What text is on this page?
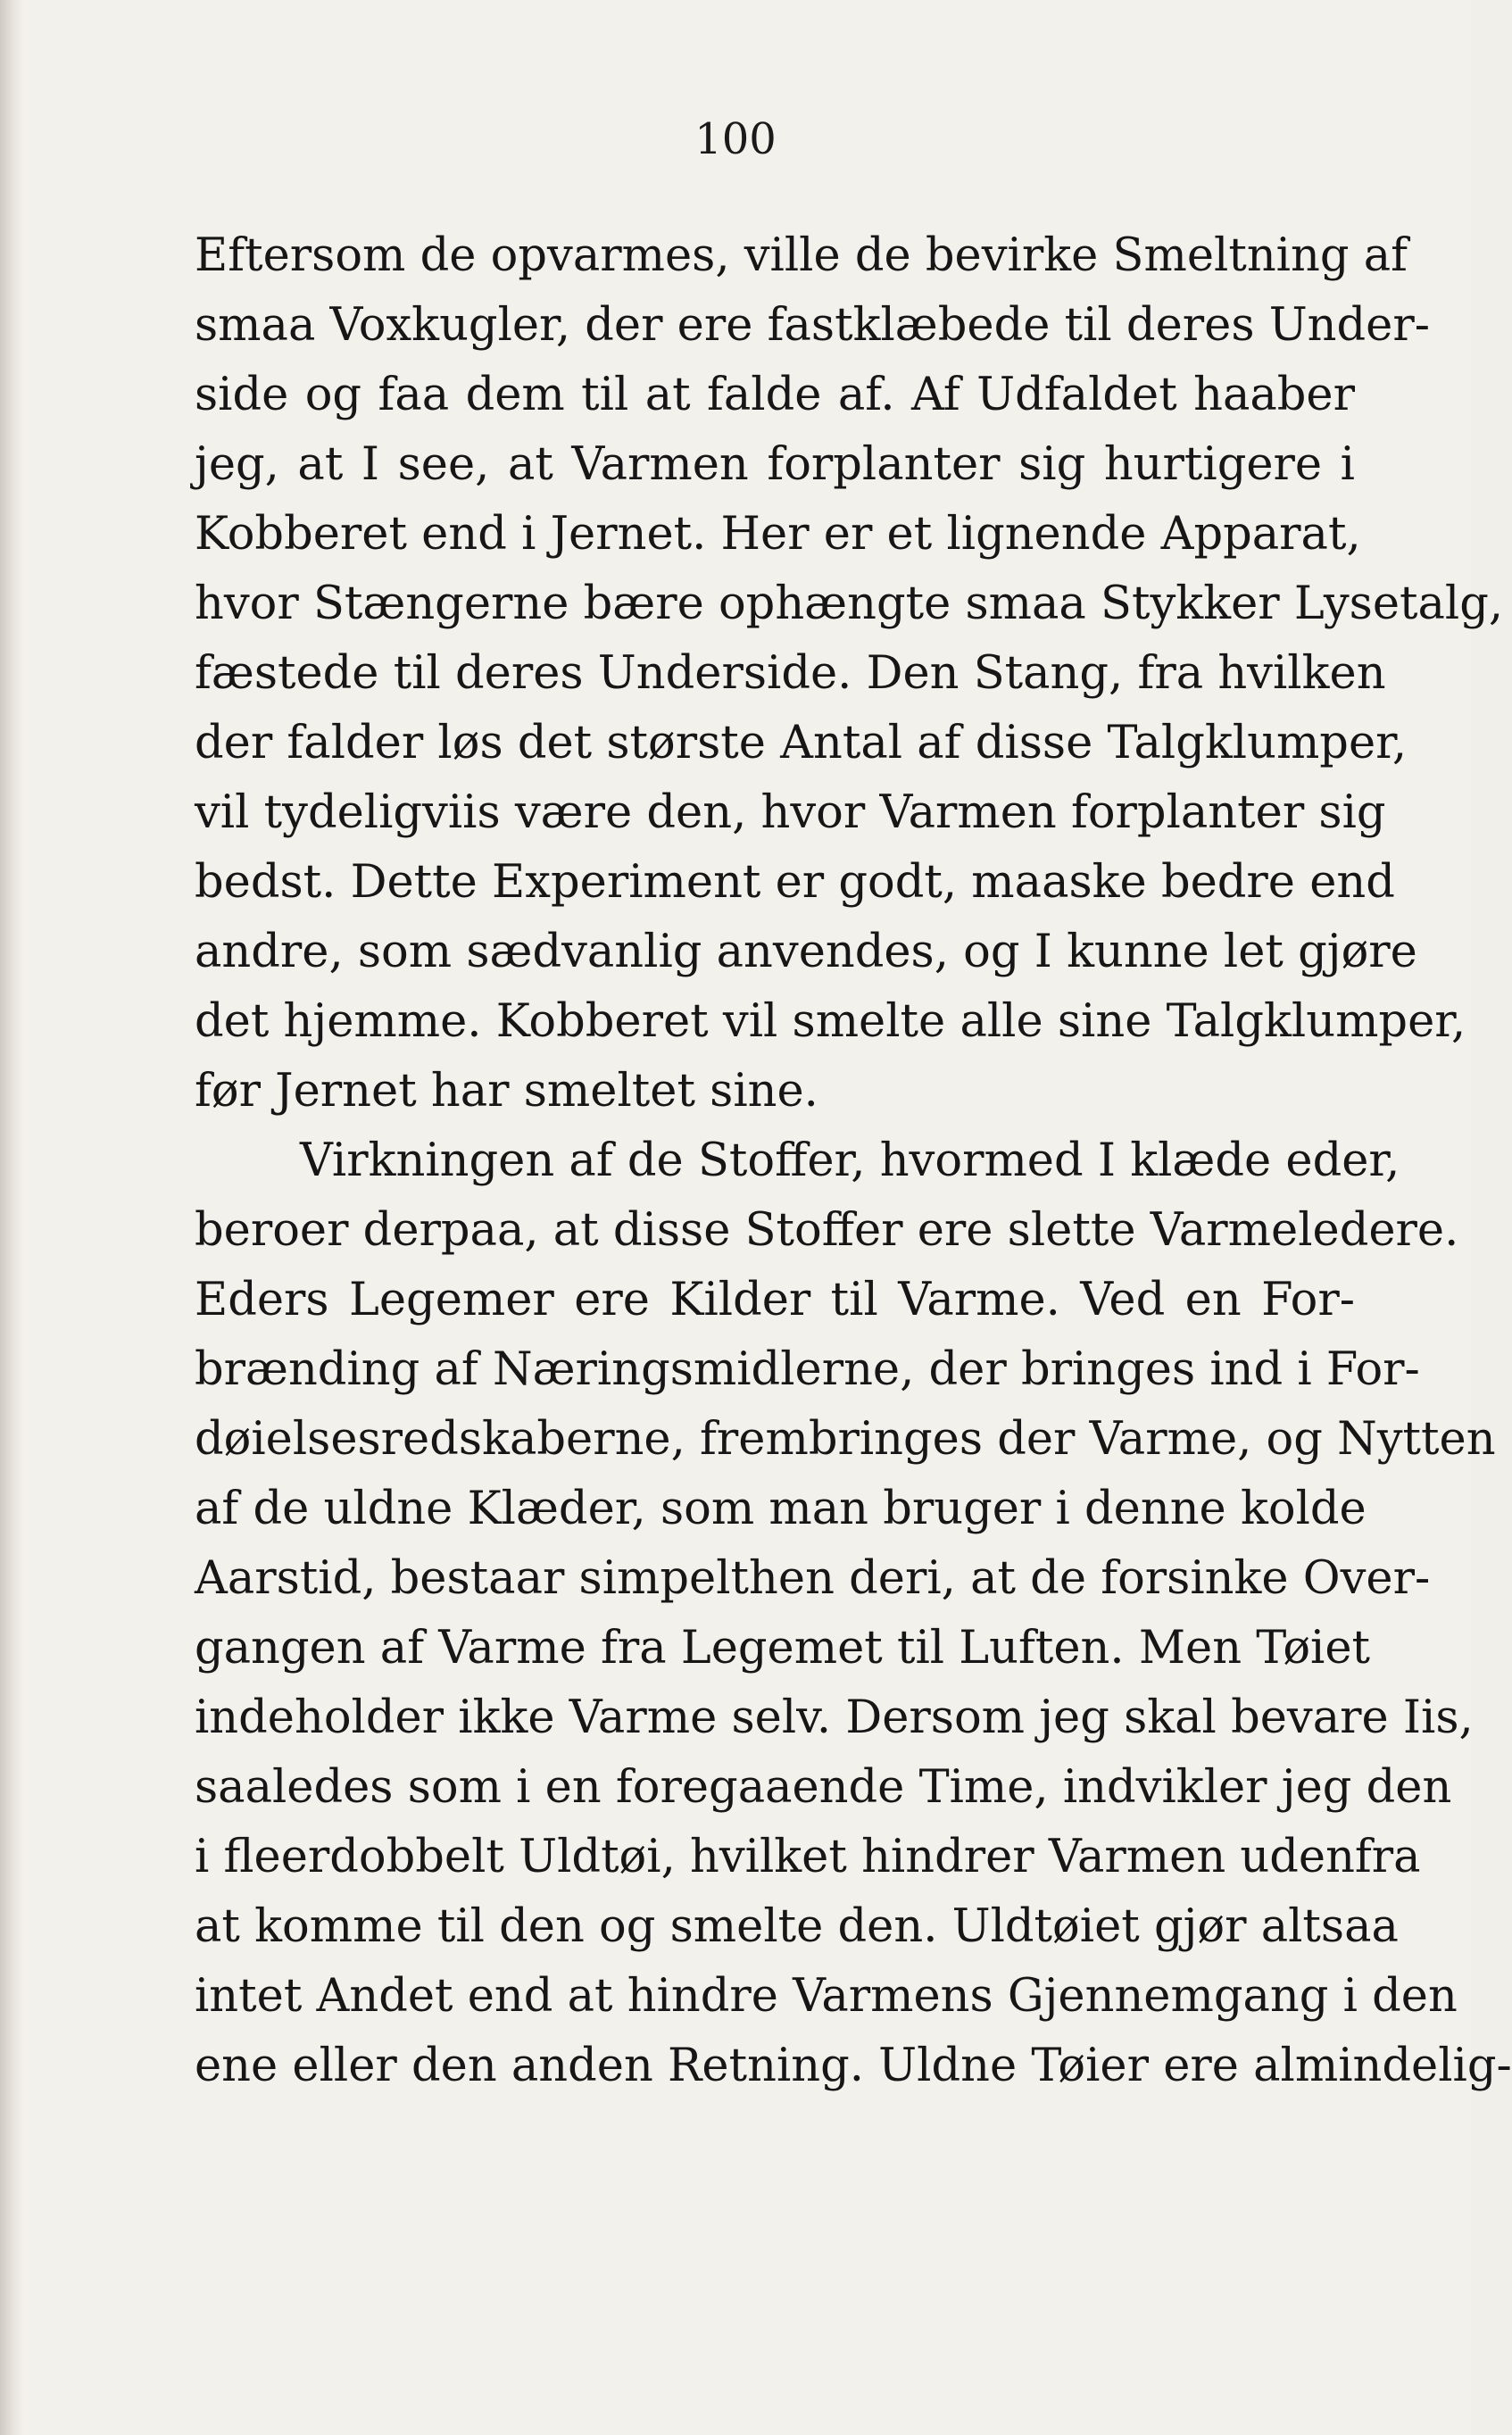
100
Eftersom de opvarmes, ville de bevirke Smeltning af
smaa Voxkugler, der ere fastklæbede til deres Under-
side og faa dem til at falde af. Af Udfaldet haaber
jeg, at I see, at Varmen forplanter sig hurtigere i
Kobberet end i Jernet. Her er et lignende Apparat,
hvor Stængerne bære ophængte smaa Stykker Lysetalg,
fæstede til deres Underside. Den Stang, fra hvilken
der falder løs det største Antal af disse Talgklumper,
vil tydeligviis være den, hvor Varmen forplanter sig
bedst. Dette Experiment er godt, maaske bedre end
andre, som sædvanlig anvendes, og I kunne let gjøre
det hjemme. Kobberet vil smelte alle sine Talgklumper,
før Jernet har smeltet sine.
Virkningen af de Stoffer, hvormed I klæde eder,
beroer derpaa, at disse Stoffer ere slette Varmeledere.
Eders Legemer ere Kilder til Varme. Ved en For-
brænding af Næringsmidlerne, der bringes ind i For-
døielsesredskaberne, frembringes der Varme, og Nytten
af de uldne Klæder, som man bruger i denne kolde
Aarstid, bestaar simpelthen deri, at de forsinke Over-
gangen af Varme fra Legemet til Luften. Men Tøiet
indeholder ikke Varme selv. Dersom jeg skal bevare Iis,
saaledes som i en foregaaende Time, indvikler jeg den
i fleerdobbelt Uldtøi, hvilket hindrer Varmen udenfra
at komme til den og smelte den. Uldtøiet gjør altsaa
intet Andet end at hindre Varmens Gjennemgang i den
ene eller den anden Retning. Uldne Tøier ere almindelig-
